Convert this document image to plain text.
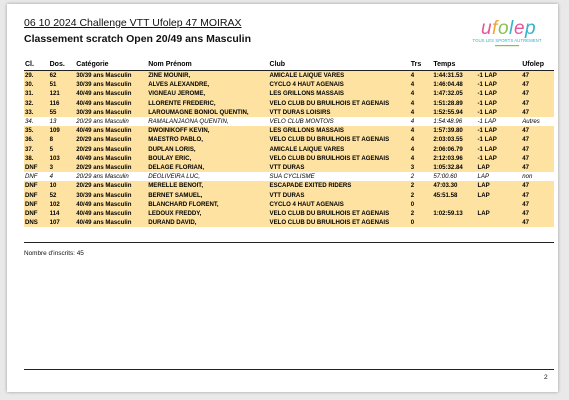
06 10 2024 Challenge VTT Ufolep 47 MOIRAX
Classement scratch Open 20/49 ans Masculin	u f o l e p
TOUS LES SPORTS AUTREMENT
Cl.	Dos.	Catégorie	Nom Prénom	Club	Trs	Temps		Ufolep
29.	62	30/39 ans Masculin	ZINE MOUNIR,	AMICALE LAIQUE VARES	4	1:44:31.53	-1 LAP	47
30.	51	30/39 ans Masculin	ALVES ALEXANDRE,	CYCLO 4 HAUT AGENAIS	4	1:46:04.48	-1 LAP	47
31.	121	40/49 ans Masculin	VIGNEAU JEROME,	LES GRILLONS MASSAIS	4	1:47:32.05	-1 LAP	47
32.	116	40/49 ans Masculin	LLORENTE FREDERIC,	VELO CLUB DU BRUILHOIS ET AGENAIS	4	1:51:28.89	-1 LAP	47
33.	55	30/39 ans Masculin	LAROUMAGNE BONIOL QUENTIN,	VTT DURAS LOISIRS	4	1:52:55.94	-1 LAP	47
34.	13	20/29 ans Masculin	RAMALANJAONA QUENTIN,	VELO CLUB MONTOIS	4	1:54:48.96	-1 LAP	Autres
35.	109	40/49 ans Masculin	DWOINIKOFF KEVIN,	LES GRILLONS MASSAIS	4	1:57:39.80	-1 LAP	47
36.	8	20/29 ans Masculin	MAESTRO PABLO,	VELO CLUB DU BRUILHOIS ET AGENAIS	4	2:03:03.55	-1 LAP	47
37.	5	20/29 ans Masculin	DUPLAN LORIS,	AMICALE LAIQUE VARES	4	2:06:06.79	-1 LAP	47
38.	103	40/49 ans Masculin	BOULAY ERIC,	VELO CLUB DU BRUILHOIS ET AGENAIS	4	2:12:03.96	-1 LAP	47
DNF	3	20/29 ans Masculin	DELAGE FLORIAN,	VTT DURAS	3	1:05:32.84	LAP	47
DNF	4	20/29 ans Masculin	DEOLIVEIRA LUC,	SUA CYCLISME	2	57:00.60	LAP	non
DNF	10	20/29 ans Masculin	MERELLE BENOIT,	ESCAPADE EXITED RIDERS	2	47:03.30	LAP	47
DNF	52	30/39 ans Masculin	BERNET SAMUEL,	VTT DURAS	2	45:51.58	LAP	47
DNF	102	40/49 ans Masculin	BLANCHARD FLORENT,	CYCLO 4 HAUT AGENAIS	0			47
DNF	114	40/49 ans Masculin	LEDOUX FREDDY,	VELO CLUB DU BRUILHOIS ET AGENAIS	2	1:02:59.13	LAP	47
DNS	107	40/49 ans Masculin	DURAND DAVID,	VELO CLUB DU BRUILHOIS ET AGENAIS	0			47
Nombre d'inscrits: 45
2
